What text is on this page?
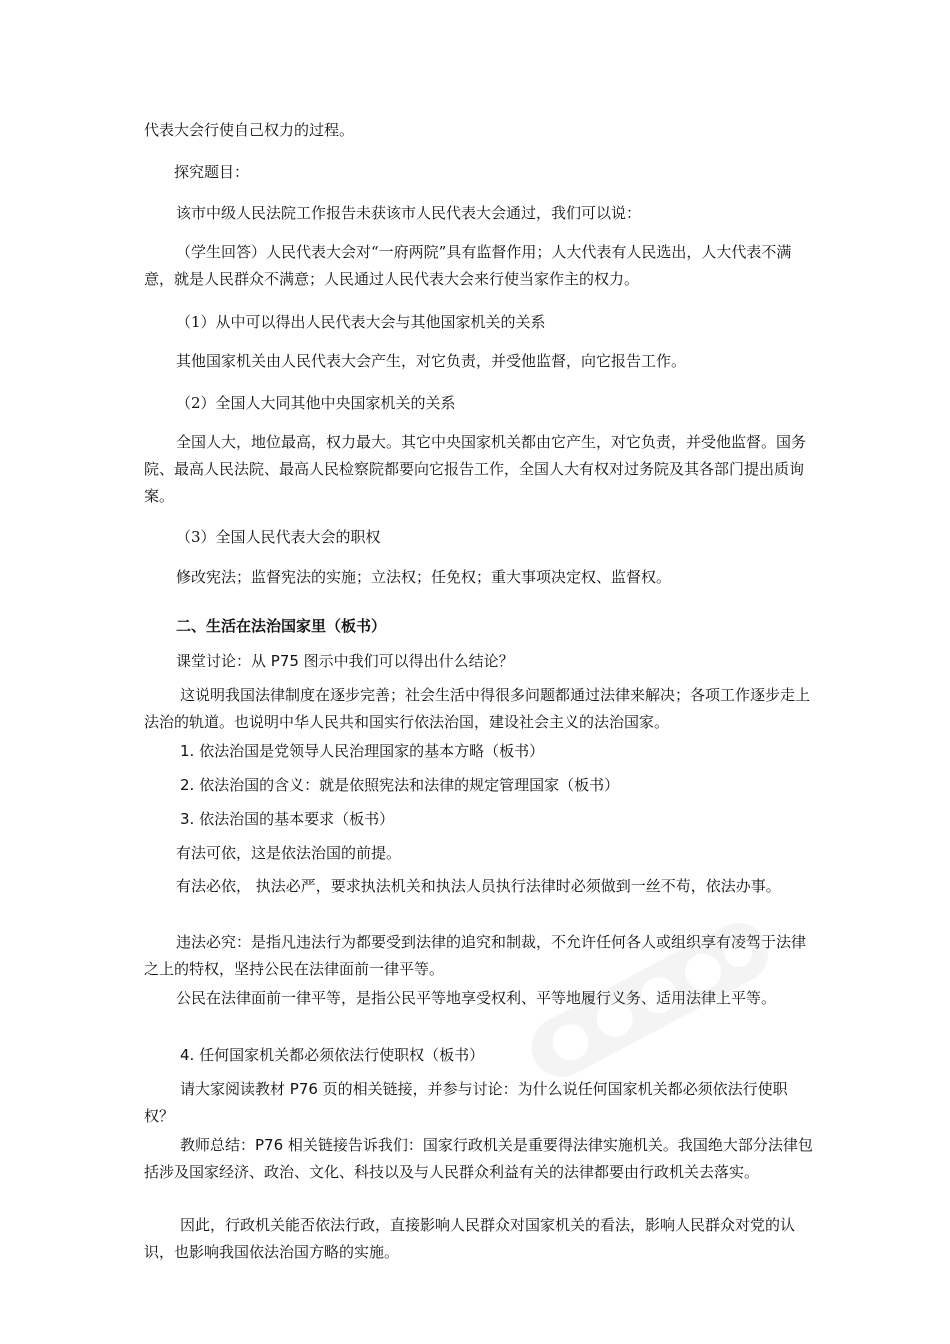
代表大会行使自己权力的过程。

探究题目：

该市中级人民法院工作报告未获该市人民代表大会通过，我们可以说：

（学生回答）人民代表大会对“一府两院”具有监督作用；人大代表有人民选出，人大代表不满意，就是人民群众不满意；人民通过人民代表大会来行使当家作主的权力。

（1）从中可以得出人民代表大会与其他国家机关的关系

其他国家机关由人民代表大会产生，对它负责，并受他监督，向它报告工作。

（2）全国人大同其他中央国家机关的关系

全国人大，地位最高，权力最大。其它中央国家机关都由它产生，对它负责，并受他监督。国务院、最高人民法院、最高人民检察院都要向它报告工作，全国人大有权对过务院及其各部门提出质询案。

（3）全国人民代表大会的职权

修改宪法；监督宪法的实施；立法权；任免权；重大事项决定权、监督权。

二、生活在法治国家里（板书）

课堂讨论：从 P75 图示中我们可以得出什么结论？

这说明我国法律制度在逐步完善；社会生活中得很多问题都通过法律来解决；各项工作逐步走上法治的轨道。也说明中华人民共和国实行依法治国，建设社会主义的法治国家。

1. 依法治国是党领导人民治理国家的基本方略（板书）

2. 依法治国的含义：就是依照宪法和法律的规定管理国家（板书）

3. 依法治国的基本要求（板书）

有法可依，这是依法治国的前提。

有法必依， 执法必严，要求执法机关和执法人员执行法律时必须做到一丝不苟，依法办事。

违法必究：是指凡违法行为都要受到法律的追究和制裁，不允许任何各人或组织享有凌驾于法律之上的特权，坚持公民在法律面前一律平等。

公民在法律面前一律平等，是指公民平等地享受权利、平等地履行义务、适用法律上平等。

4. 任何国家机关都必须依法行使职权（板书）

请大家阅读教材 P76 页的相关链接，并参与讨论：为什么说任何国家机关都必须依法行使职权？

教师总结：P76 相关链接告诉我们：国家行政机关是重要得法律实施机关。我国绝大部分法律包括涉及国家经济、政治、文化、科技以及与人民群众利益有关的法律都要由行政机关去落实。

因此，行政机关能否依法行政，直接影响人民群众对国家机关的看法，影响人民群众对党的认识，也影响我国依法治国方略的实施。
